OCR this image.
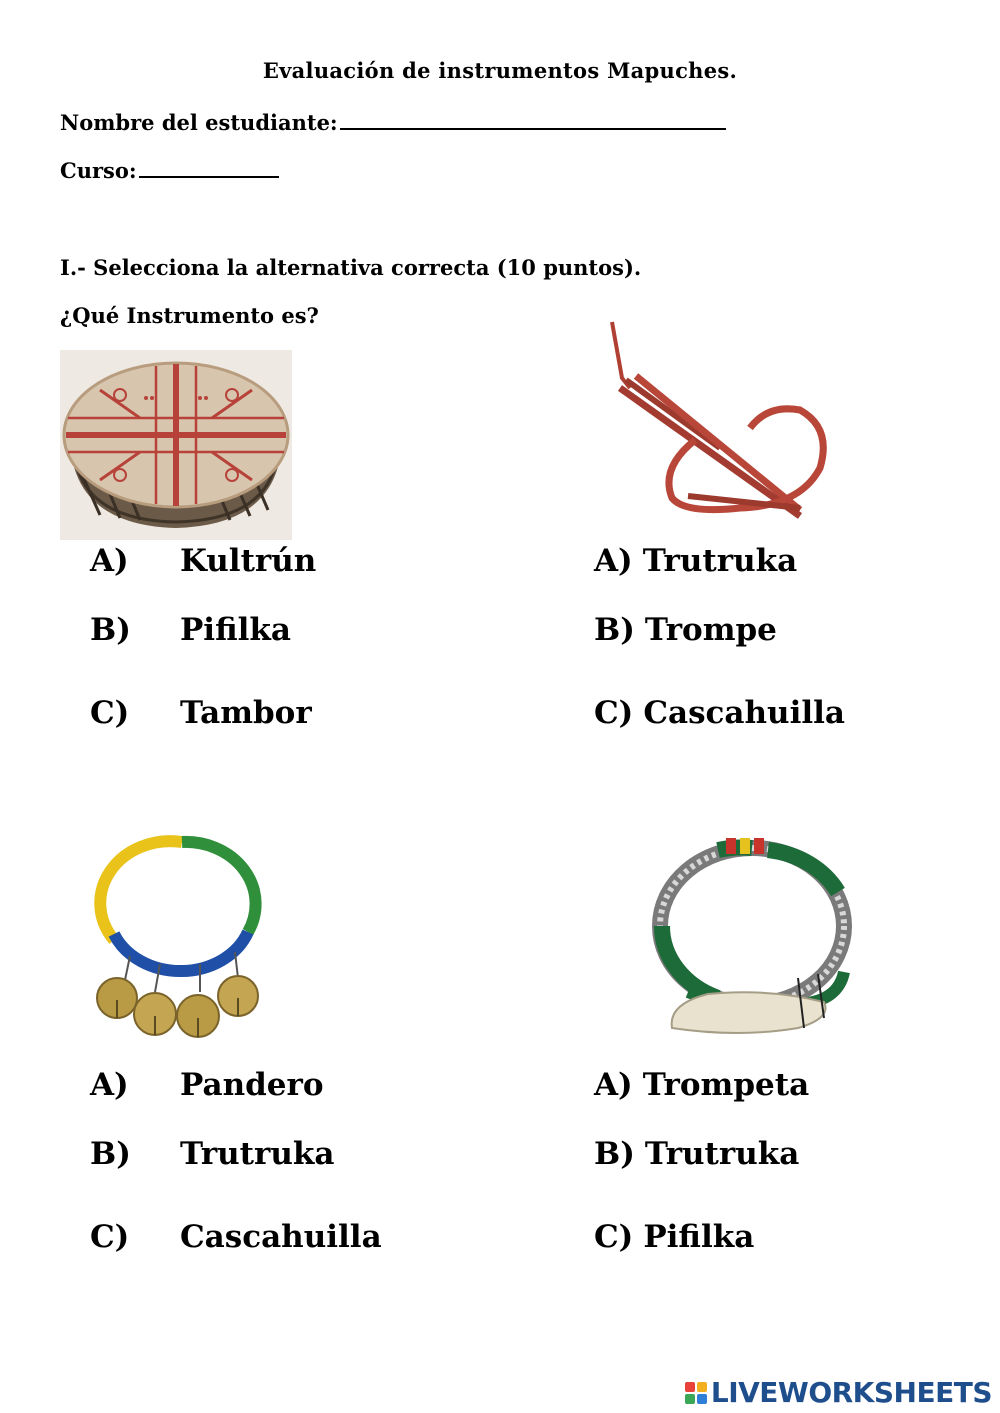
Evaluación de instrumentos Mapuches.
Nombre del estudiante:
Curso:
I.- Selecciona la alternativa correcta (10 puntos).
¿Qué Instrumento es?
A) Kultrún
B) Pifilka
C) Tambor
A) Trutruka
B) Trompe
C) Cascahuilla
A) Pandero
B) Trutruka
C) Cascahuilla
A) Trompeta
B) Trutruka
C) Pifilka
LIVEWORKSHEETS
